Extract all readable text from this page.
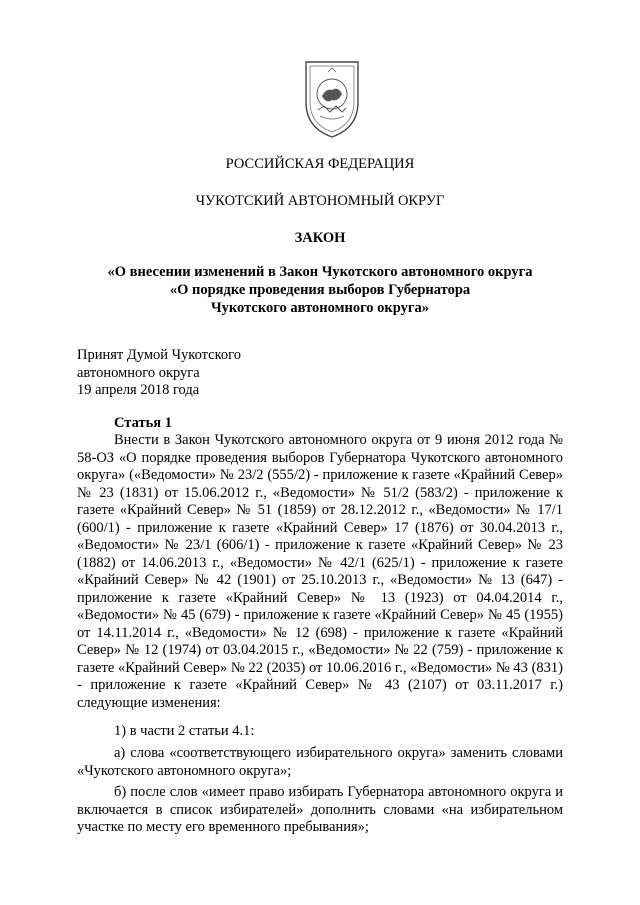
РОССИЙСКАЯ ФЕДЕРАЦИЯ
ЧУКОТСКИЙ АВТОНОМНЫЙ ОКРУГ
ЗАКОН
«О внесении изменений в Закон Чукотского автономного округа
«О порядке проведения выборов Губернатора
Чукотского автономного округа»
Принят Думой Чукотского
автономного округа
19 апреля 2018 года
Статья 1
Внести в Закон Чукотского автономного округа от 9 июня 2012 года № 58-ОЗ «О порядке проведения выборов Губернатора Чукотского автономного округа» («Ведомости» № 23/2 (555/2) - приложение к газете «Крайний Север» № 23 (1831) от 15.06.2012 г., «Ведомости» № 51/2 (583/2) - приложение к газете «Крайний Север» № 51 (1859) от 28.12.2012 г., «Ведомости» № 17/1 (600/1) - приложение к газете «Крайний Север» 17 (1876) от 30.04.2013 г., «Ведомости» № 23/1 (606/1) - приложение к газете «Крайний Север» № 23 (1882) от 14.06.2013 г., «Ведомости» № 42/1 (625/1) - приложение к газете «Крайний Север» № 42 (1901) от 25.10.2013 г., «Ведомости» № 13 (647) - приложение к газете «Крайний Север» № 13 (1923) от 04.04.2014 г., «Ведомости» № 45 (679) - приложение к газете «Крайний Север» № 45 (1955) от 14.11.2014 г., «Ведомости» № 12 (698) - приложение к газете «Крайний Север» № 12 (1974) от 03.04.2015 г., «Ведомости» № 22 (759) - приложение к газете «Крайний Север» № 22 (2035) от 10.06.2016 г., «Ведомости» № 43 (831) - приложение к газете «Крайний Север» № 43 (2107) от 03.11.2017 г.) следующие изменения:
1) в части 2 статьи 4.1:
а) слова «соответствующего избирательного округа» заменить словами «Чукотского автономного округа»;
б) после слов «имеет право избирать Губернатора автономного округа и включается в список избирателей» дополнить словами «на избирательном участке по месту его временного пребывания»;
